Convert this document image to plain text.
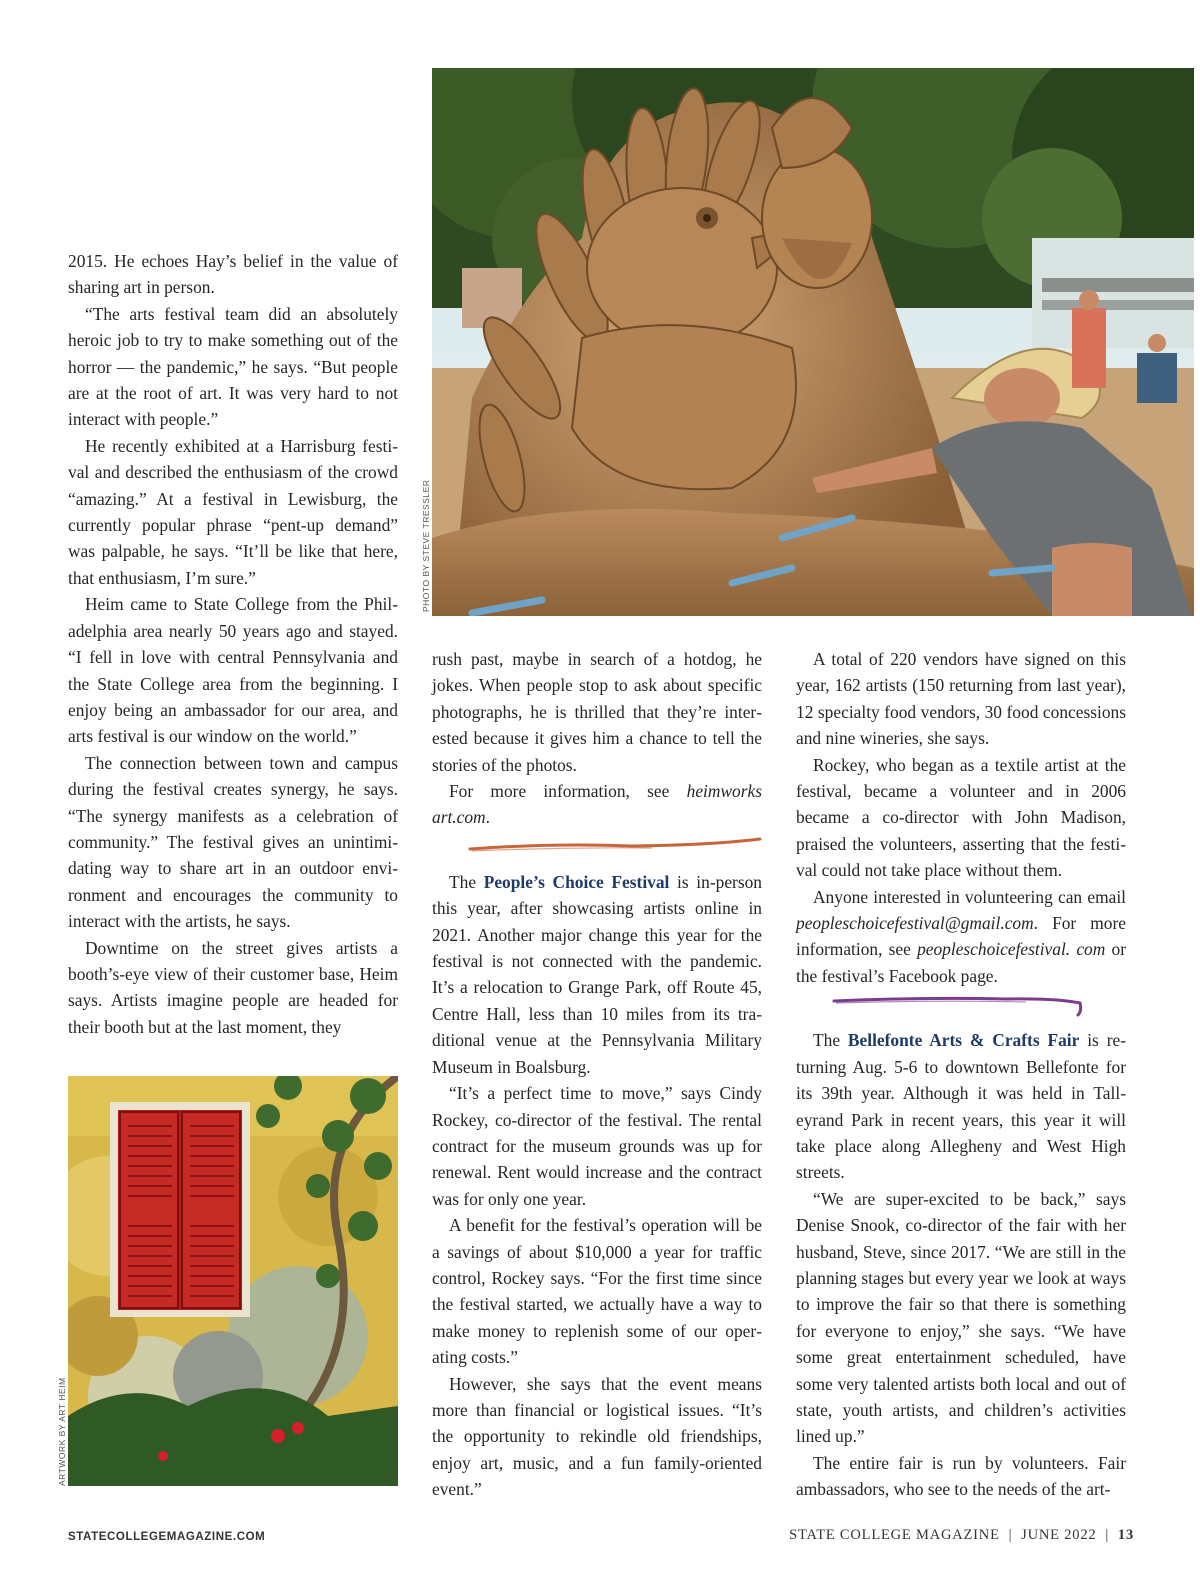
PHOTO BY STEVE TRESSLER
ARTWORK BY ART HEIM

2015. He echoes Hay’s belief in the value of sharing art in person.

“The arts festival team did an absolutely heroic job to try to make something out of the horror — the pandemic,” he says. “But people are at the root of art. It was very hard to not interact with people.”

He recently exhibited at a Harrisburg festival and described the enthusiasm of the crowd “amazing.” At a festival in Lewisburg, the currently popular phrase “pent-up demand” was palpable, he says. “It’ll be like that here, that enthusiasm, I’m sure.”

Heim came to State College from the Philadelphia area nearly 50 years ago and stayed. “I fell in love with central Pennsylvania and the State College area from the beginning. I enjoy being an ambassador for our area, and arts festival is our window on the world.”

The connection between town and campus during the festival creates synergy, he says. “The synergy manifests as a celebration of community.” The festival gives an unintimidating way to share art in an outdoor environment and encourages the community to interact with the artists, he says.

Downtime on the street gives artists a booth’s-eye view of their customer base, Heim says. Artists imagine people are headed for their booth but at the last moment, they

rush past, maybe in search of a hotdog, he jokes. When people stop to ask about specific photographs, he is thrilled that they’re interested because it gives him a chance to tell the stories of the photos.

For more information, see heimworks art.com.

The People’s Choice Festival is in-person this year, after showcasing artists online in 2021. Another major change this year for the festival is not connected with the pandemic. It’s a relocation to Grange Park, off Route 45, Centre Hall, less than 10 miles from its traditional venue at the Pennsylvania Military Museum in Boalsburg.

“It’s a perfect time to move,” says Cindy Rockey, co-director of the festival. The rental contract for the museum grounds was up for renewal. Rent would increase and the contract was for only one year.

A benefit for the festival’s operation will be a savings of about $10,000 a year for traffic control, Rockey says. “For the first time since the festival started, we actually have a way to make money to replenish some of our operating costs.”

However, she says that the event means more than financial or logistical issues. “It’s the opportunity to rekindle old friendships, enjoy art, music, and a fun family-oriented event.”

A total of 220 vendors have signed on this year, 162 artists (150 returning from last year), 12 specialty food vendors, 30 food concessions and nine wineries, she says.

Rockey, who began as a textile artist at the festival, became a volunteer and in 2006 became a co-director with John Madison, praised the volunteers, asserting that the festival could not take place without them.

Anyone interested in volunteering can email peopleschoicefestival@gmail.com. For more information, see peopleschoicefestival. com or the festival’s Facebook page.

The Bellefonte Arts & Crafts Fair is returning Aug. 5-6 to downtown Bellefonte for its 39th year. Although it was held in Talleyrand Park in recent years, this year it will take place along Allegheny and West High streets.

“We are super-excited to be back,” says Denise Snook, co-director of the fair with her husband, Steve, since 2017. “We are still in the planning stages but every year we look at ways to improve the fair so that there is something for everyone to enjoy,” she says. “We have some great entertainment scheduled, have some very talented artists both local and out of state, youth artists, and children’s activities lined up.”

The entire fair is run by volunteers. Fair ambassadors, who see to the needs of the art-

STATECOLLEGEMAGAZINE.COM	STATE COLLEGE MAGAZINE  |  JUNE 2022  |  13
